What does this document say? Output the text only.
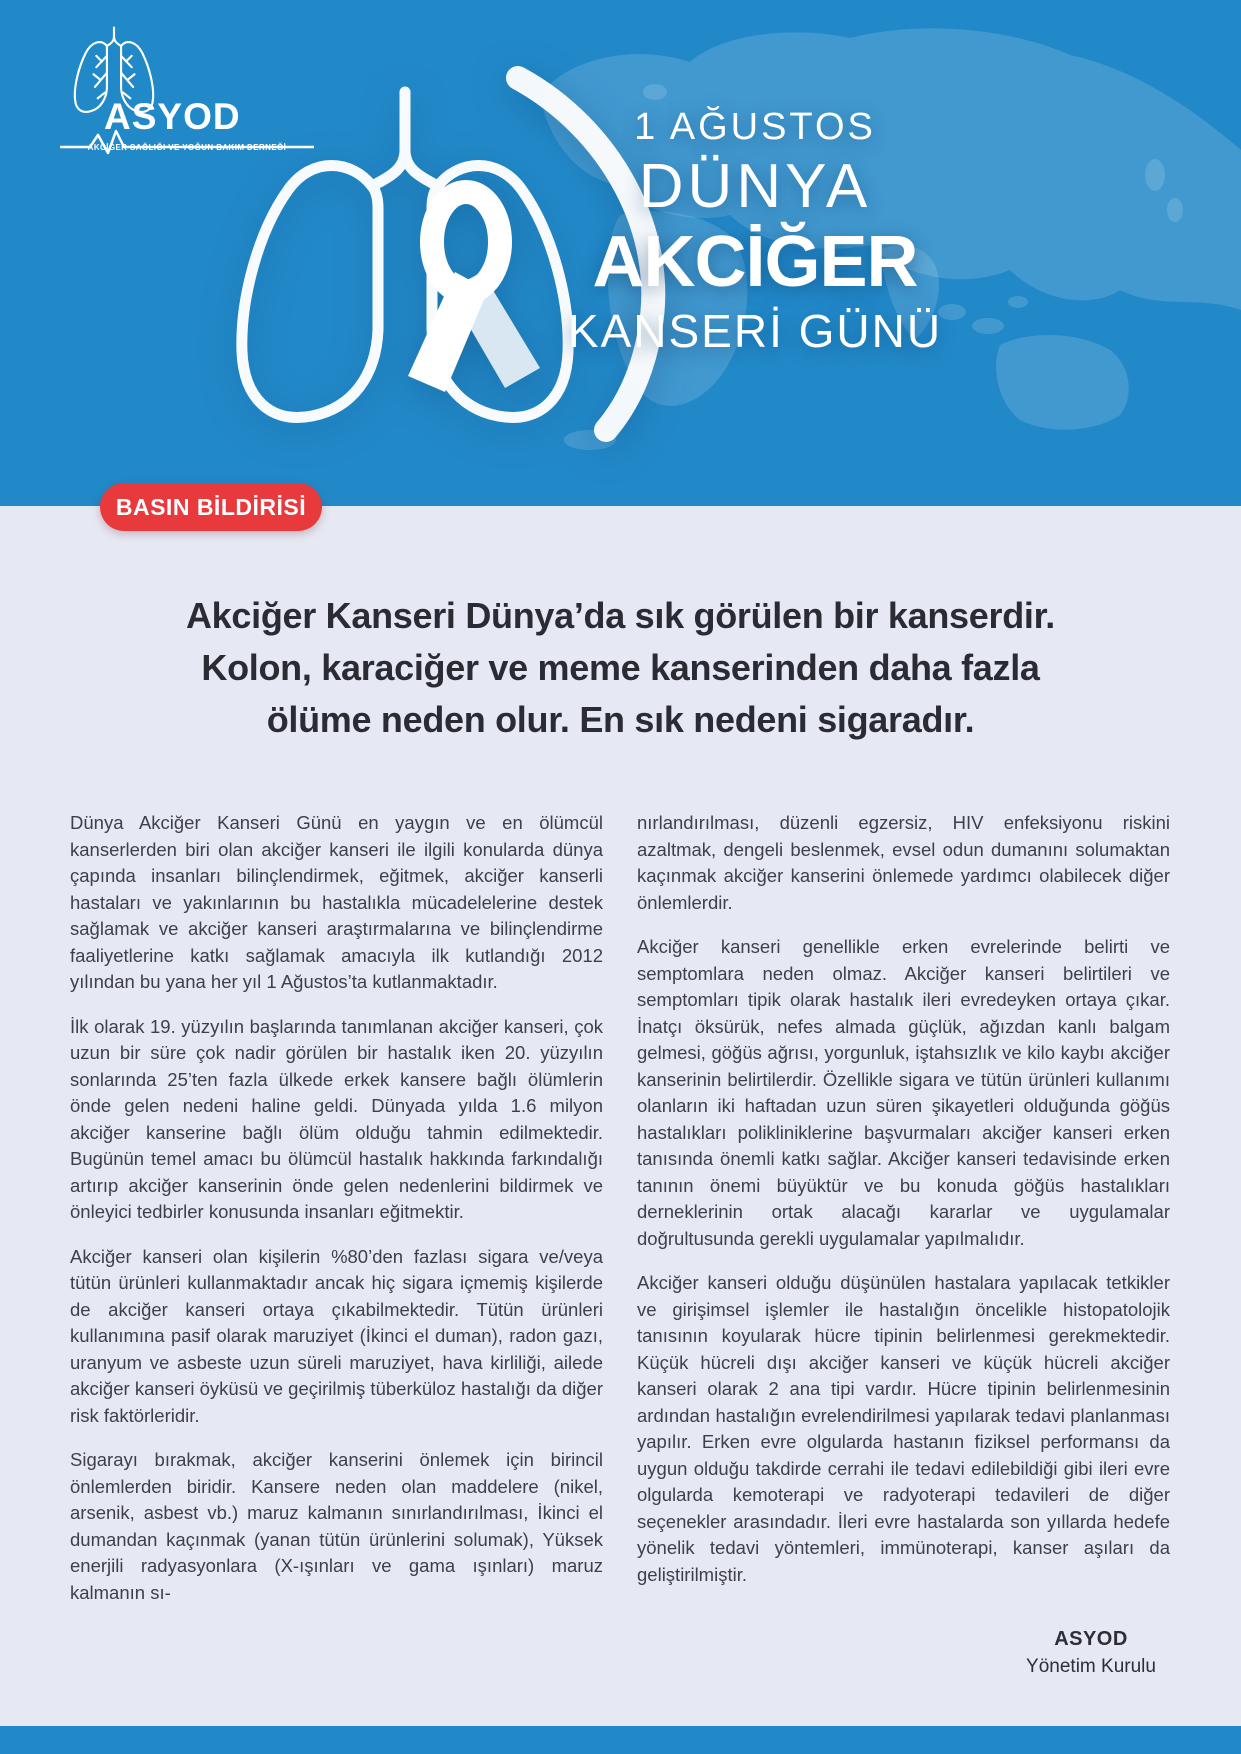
ASYOD
AKCİĞER SAĞLIĞI VE YOĞUN BAKIM DERNEĞİ	1 AĞUSTOS
DÜNYA
AKCİĞER
KANSERİ GÜNÜ
BASIN BİLDİRİSİ
Akciğer Kanseri Dünya’da sık görülen bir kanserdir.
Kolon, karaciğer ve meme kanserinden daha fazla
ölüme neden olur. En sık nedeni sigaradır.

Dünya Akciğer Kanseri Günü en yaygın ve en ölümcül kanserlerden biri olan akciğer kanseri ile ilgili konularda dünya çapında insanları bilinçlendirmek, eğitmek, akciğer kanserli hastaları ve yakınlarının bu hastalıkla mücadelelerine destek sağlamak ve akciğer kanseri araştırmalarına ve bilinçlendirme faaliyetlerine katkı sağlamak amacıyla ilk kutlandığı 2012 yılından bu yana her yıl 1 Ağustos’ta kutlanmaktadır.

İlk olarak 19. yüzyılın başlarında tanımlanan akciğer kanseri, çok uzun bir süre çok nadir görülen bir hastalık iken 20. yüzyılın sonlarında 25’ten fazla ülkede erkek kansere bağlı ölümlerin önde gelen nedeni haline geldi. Dünyada yılda 1.6 milyon akciğer kanserine bağlı ölüm olduğu tahmin edilmektedir. Bugünün temel amacı bu ölümcül hastalık hakkında farkındalığı artırıp akciğer kanserinin önde gelen nedenlerini bildirmek ve önleyici tedbirler konusunda insanları eğitmektir.

Akciğer kanseri olan kişilerin %80’den fazlası sigara ve/veya tütün ürünleri kullanmaktadır ancak hiç sigara içmemiş kişilerde de akciğer kanseri ortaya çıkabilmektedir. Tütün ürünleri kullanımına pasif olarak maruziyet (İkinci el duman), radon gazı, uranyum ve asbeste uzun süreli maruziyet, hava kirliliği, ailede akciğer kanseri öyküsü ve geçirilmiş tüberküloz hastalığı da diğer risk faktörleridir.

Sigarayı bırakmak, akciğer kanserini önlemek için birincil önlemlerden biridir. Kansere neden olan maddelere (nikel, arsenik, asbest vb.) maruz kalmanın sınırlandırılması, İkinci el dumandan kaçınmak (yanan tütün ürünlerini solumak), Yüksek enerjili radyasyonlara (X-ışınları ve gama ışınları) maruz kalmanın sı-

nırlandırılması, düzenli egzersiz, HIV enfeksiyonu riskini azaltmak, dengeli beslenmek, evsel odun dumanını solumaktan kaçınmak akciğer kanserini önlemede yardımcı olabilecek diğer önlemlerdir.

Akciğer kanseri genellikle erken evrelerinde belirti ve semptomlara neden olmaz. Akciğer kanseri belirtileri ve semptomları tipik olarak hastalık ileri evredeyken ortaya çıkar. İnatçı öksürük, nefes almada güçlük, ağızdan kanlı balgam gelmesi, göğüs ağrısı, yorgunluk, iştahsızlık ve kilo kaybı akciğer kanserinin belirtilerdir. Özellikle sigara ve tütün ürünleri kullanımı olanların iki haftadan uzun süren şikayetleri olduğunda göğüs hastalıkları polikliniklerine başvurmaları akciğer kanseri erken tanısında önemli katkı sağlar. Akciğer kanseri tedavisinde erken tanının önemi büyüktür ve bu konuda göğüs hastalıkları derneklerinin ortak alacağı kararlar ve uygulamalar doğrultusunda gerekli uygulamalar yapılmalıdır.

Akciğer kanseri olduğu düşünülen hastalara yapılacak tetkikler ve girişimsel işlemler ile hastalığın öncelikle histopatolojik tanısının koyularak hücre tipinin belirlenmesi gerekmektedir. Küçük hücreli dışı akciğer kanseri ve küçük hücreli akciğer kanseri olarak 2 ana tipi vardır. Hücre tipinin belirlenmesinin ardından hastalığın evrelendirilmesi yapılarak tedavi planlanması yapılır. Erken evre olgularda hastanın fiziksel performansı da uygun olduğu takdirde cerrahi ile tedavi edilebildiği gibi ileri evre olgularda kemoterapi ve radyoterapi tedavileri de diğer seçenekler arasındadır. İleri evre hastalarda son yıllarda hedefe yönelik tedavi yöntemleri, immünoterapi, kanser aşıları da geliştirilmiştir.

ASYOD
Yönetim Kurulu
